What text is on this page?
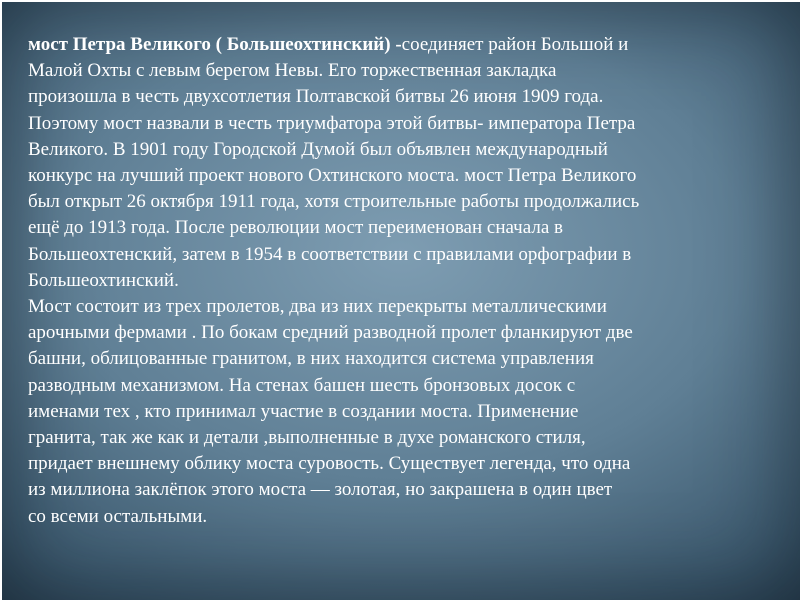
мост Петра Великого ( Большеохтинский) -соединяет район Большой и
Малой Охты с левым берегом Невы. Его торжественная закладка
произошла в честь двухсотлетия Полтавской битвы 26 июня 1909 года.
Поэтому мост назвали в честь триумфатора этой битвы- императора Петра
Великого. В 1901 году Городской Думой был объявлен международный
конкурс на лучший проект нового Охтинского моста. мост Петра Великого
был открыт 26 октября 1911 года, хотя строительные работы продолжались
ещё до 1913 года. После революции мост переименован сначала в
Большеохтенский, затем в 1954 в соответствии с правилами орфографии в
Большеохтинский.

Мост состоит из трех пролетов, два из них перекрыты металлическими
арочными фермами . По бокам средний разводной пролет фланкируют две
башни, облицованные гранитом, в них находится система управления
разводным механизмом. На стенах башен шесть бронзовых досок с
именами тех , кто принимал участие в создании моста. Применение
гранита, так же как и детали ,выполненные в духе романского стиля,
придает внешнему облику моста суровость. Существует легенда, что одна
из миллиона заклёпок этого моста — золотая, но закрашена в один цвет
со всеми остальными.
